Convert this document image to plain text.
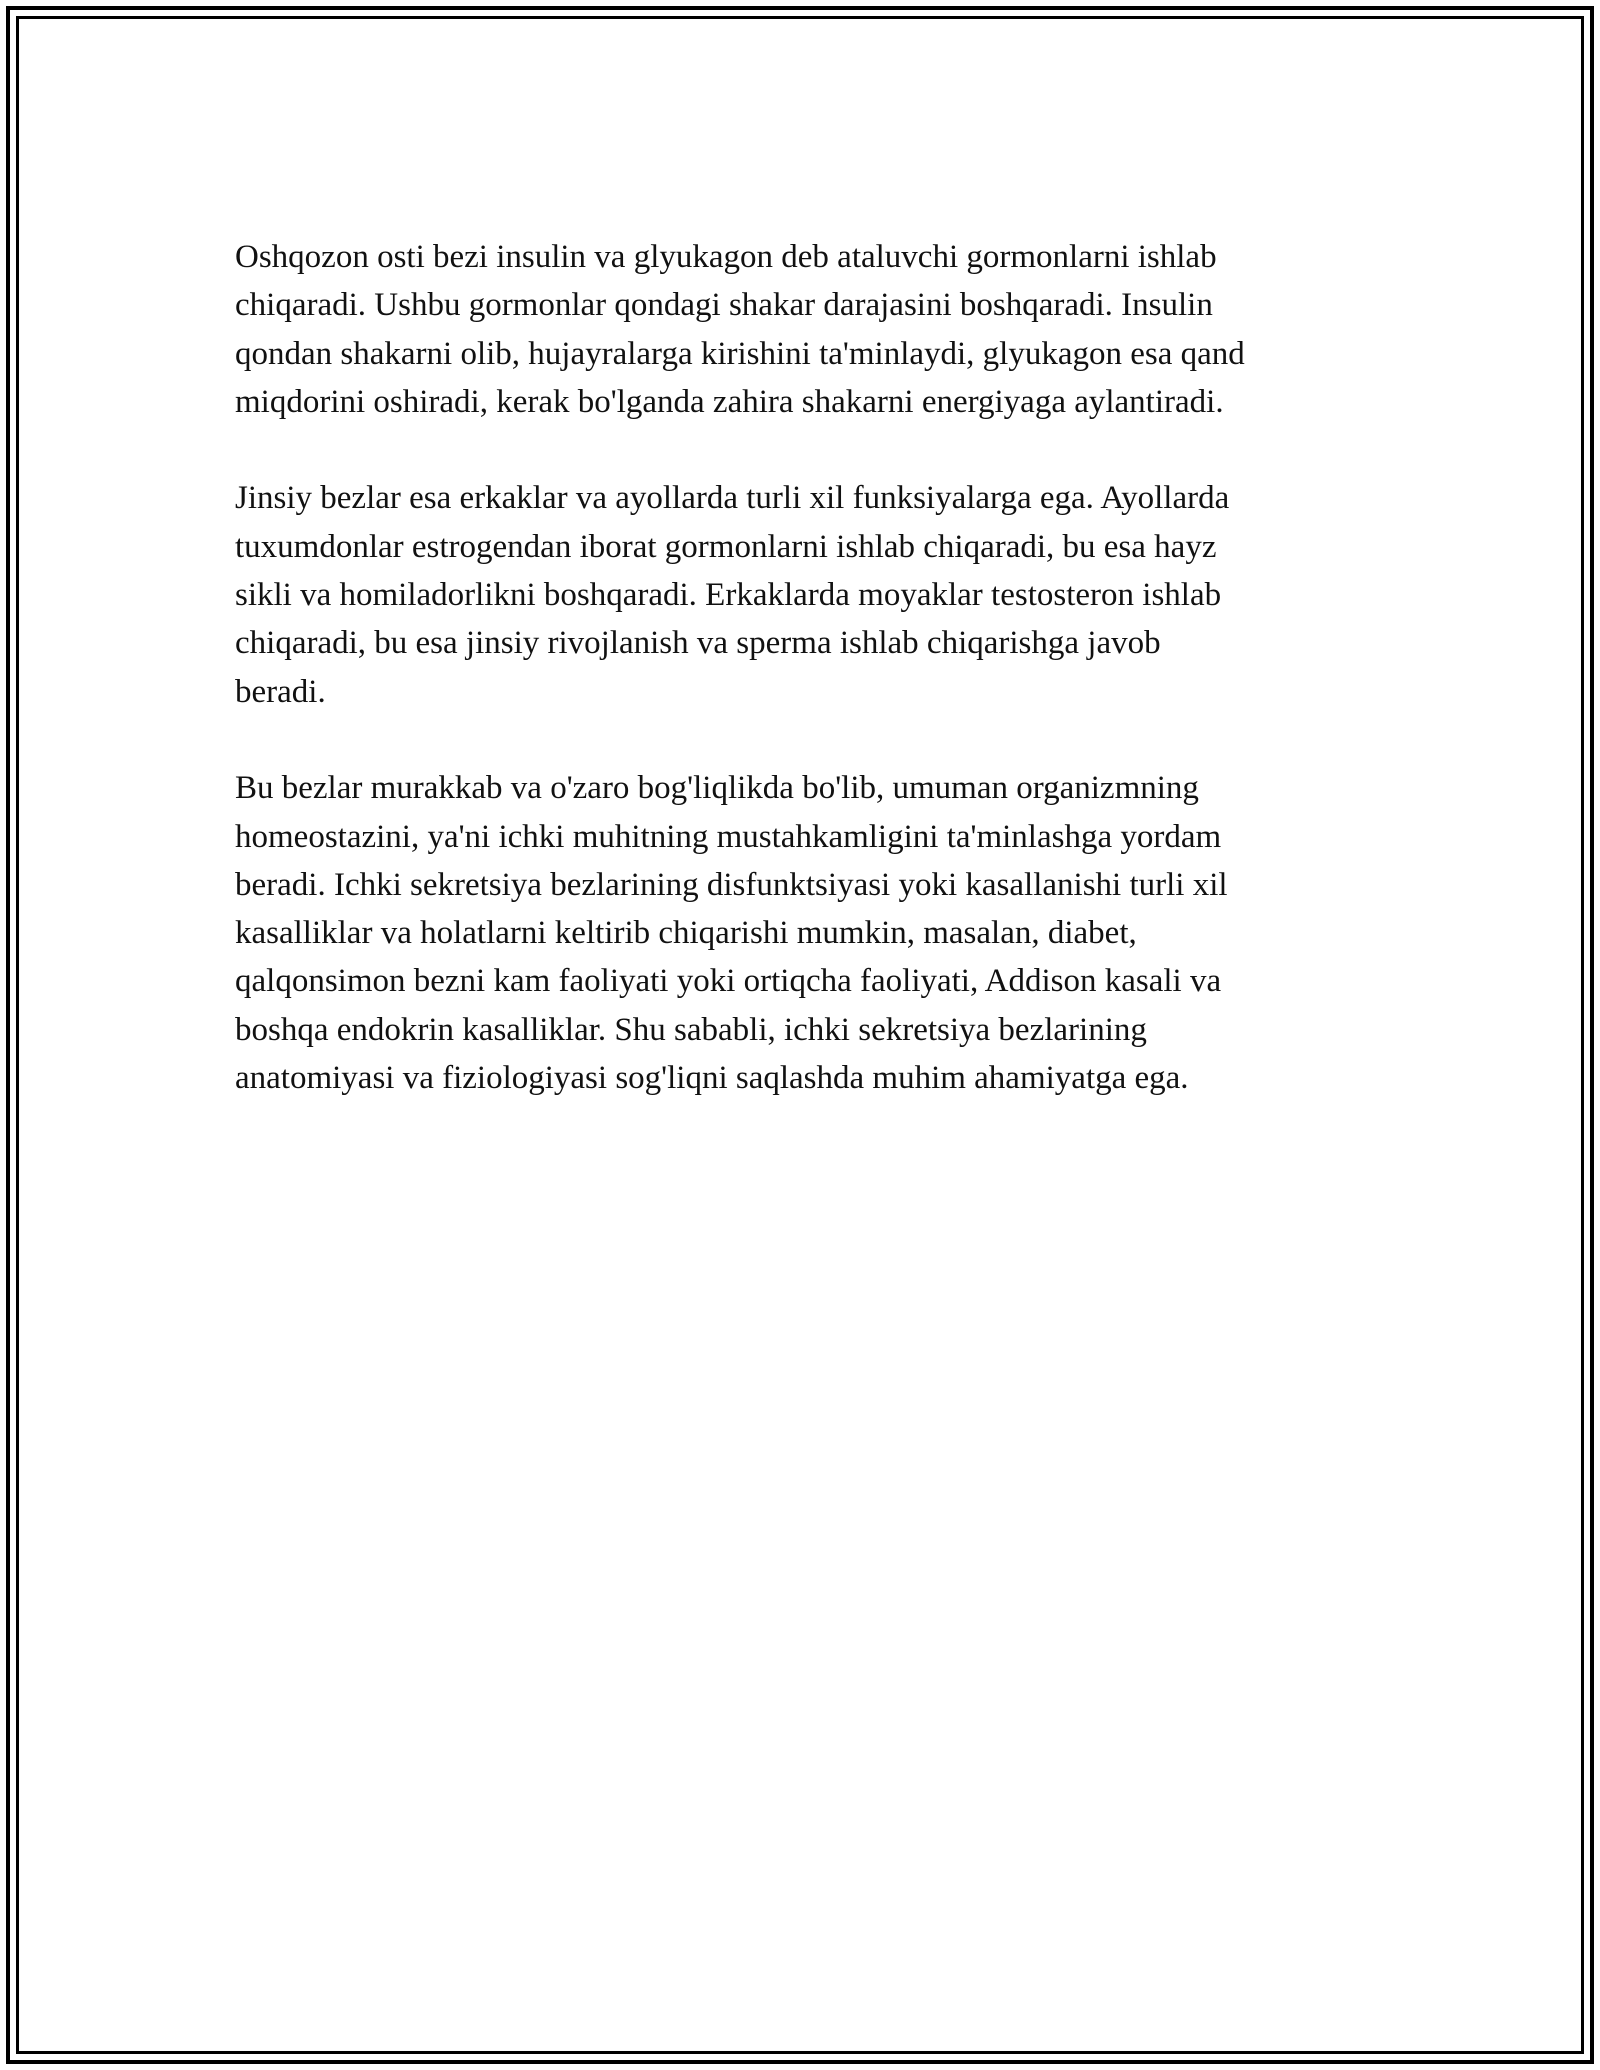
Oshqozon osti bezi insulin va glyukagon deb ataluvchi gormonlarni ishlab
chiqaradi. Ushbu gormonlar qondagi shakar darajasini boshqaradi. Insulin
qondan shakarni olib, hujayralarga kirishini ta'minlaydi, glyukagon esa qand
miqdorini oshiradi, kerak bo'lganda zahira shakarni energiyaga aylantiradi.

Jinsiy bezlar esa erkaklar va ayollarda turli xil funksiyalarga ega. Ayollarda
tuxumdonlar estrogendan iborat gormonlarni ishlab chiqaradi, bu esa hayz
sikli va homiladorlikni boshqaradi. Erkaklarda moyaklar testosteron ishlab
chiqaradi, bu esa jinsiy rivojlanish va sperma ishlab chiqarishga javob
beradi.

Bu bezlar murakkab va o'zaro bog'liqlikda bo'lib, umuman organizmning
homeostazini, ya'ni ichki muhitning mustahkamligini ta'minlashga yordam
beradi. Ichki sekretsiya bezlarining disfunktsiyasi yoki kasallanishi turli xil
kasalliklar va holatlarni keltirib chiqarishi mumkin, masalan, diabet,
qalqonsimon bezni kam faoliyati yoki ortiqcha faoliyati, Addison kasali va
boshqa endokrin kasalliklar. Shu sababli, ichki sekretsiya bezlarining
anatomiyasi va fiziologiyasi sog'liqni saqlashda muhim ahamiyatga ega.
